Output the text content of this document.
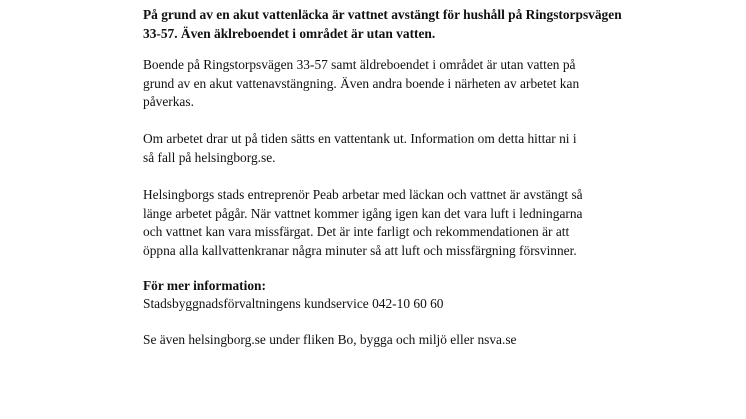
På grund av en akut vattenläcka är vattnet avstängt för hushåll på Ringstorpsvägen
33-57. Även äklreboendet i området är utan vatten.

Boende på Ringstorpsvägen 33-57 samt äldreboendet i området är utan vatten på
grund av en akut vattenavstängning. Även andra boende i närheten av arbetet kan
påverkas.

Om arbetet drar ut på tiden sätts en vattentank ut. Information om detta hittar ni i
så fall på helsingborg.se.

Helsingborgs stads entreprenör Peab arbetar med läckan och vattnet är avstängt så
länge arbetet pågår. När vattnet kommer igång igen kan det vara luft i ledningarna
och vattnet kan vara missfärgat. Det är inte farligt och rekommendationen är att
öppna alla kallvattenkranar några minuter så att luft och missfärgning försvinner.

För mer information:

Stadsbyggnadsförvaltningens kundservice 042-10 60 60

Se även helsingborg.se under fliken Bo, bygga och miljö eller nsva.se
